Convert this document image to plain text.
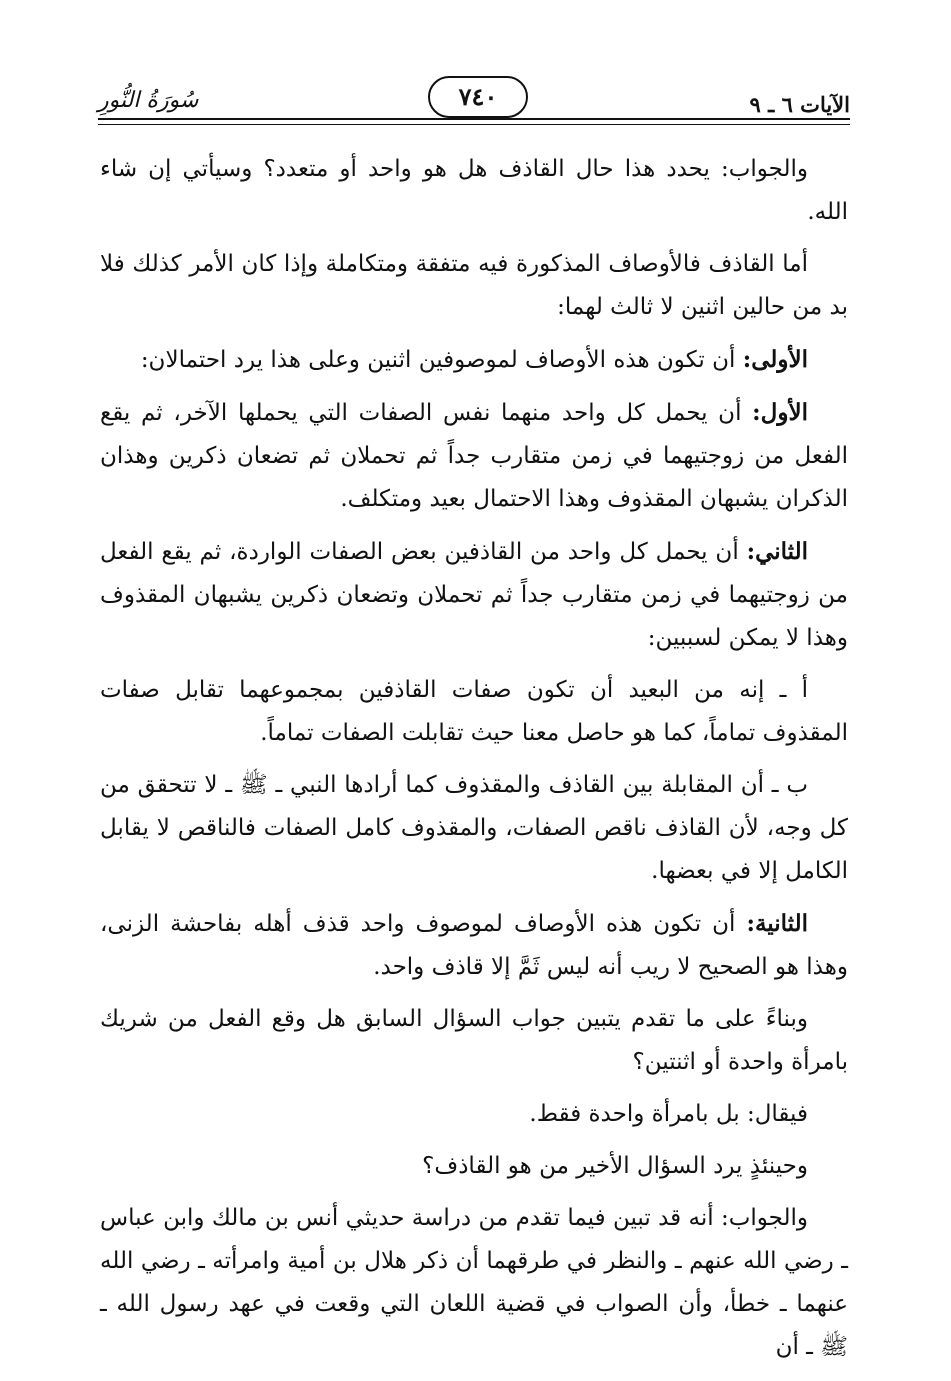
الآيات ٦ ـ ٩
٧٤٠
سُورَةُ النُّورِ

والجواب: يحدد هذا حال القاذف هل هو واحد أو متعدد؟ وسيأتي إن شاء الله.

أما القاذف فالأوصاف المذكورة فيه متفقة ومتكاملة وإذا كان الأمر كذلك فلا بد من حالين اثنين لا ثالث لهما:

الأولى: أن تكون هذه الأوصاف لموصوفين اثنين وعلى هذا يرد احتمالان:

الأول: أن يحمل كل واحد منهما نفس الصفات التي يحملها الآخر، ثم يقع الفعل من زوجتيهما في زمن متقارب جداً ثم تحملان ثم تضعان ذكرين وهذان الذكران يشبهان المقذوف وهذا الاحتمال بعيد ومتكلف.

الثاني: أن يحمل كل واحد من القاذفين بعض الصفات الواردة، ثم يقع الفعل من زوجتيهما في زمن متقارب جداً ثم تحملان وتضعان ذكرين يشبهان المقذوف وهذا لا يمكن لسببين:

أ ـ إنه من البعيد أن تكون صفات القاذفين بمجموعهما تقابل صفات المقذوف تماماً، كما هو حاصل معنا حيث تقابلت الصفات تماماً.

ب ـ أن المقابلة بين القاذف والمقذوف كما أرادها النبي ـ ﷺ ـ لا تتحقق من كل وجه، لأن القاذف ناقص الصفات، والمقذوف كامل الصفات فالناقص لا يقابل الكامل إلا في بعضها.

الثانية: أن تكون هذه الأوصاف لموصوف واحد قذف أهله بفاحشة الزنى، وهذا هو الصحيح لا ريب أنه ليس ثَمَّ إلا قاذف واحد.

وبناءً على ما تقدم يتبين جواب السؤال السابق هل وقع الفعل من شريك بامرأة واحدة أو اثنتين؟

فيقال: بل بامرأة واحدة فقط.

وحينئذٍ يرد السؤال الأخير من هو القاذف؟

والجواب: أنه قد تبين فيما تقدم من دراسة حديثي أنس بن مالك وابن عباس ـ رضي الله عنهم ـ والنظر في طرقهما أن ذكر هلال بن أمية وامرأته ـ رضي الله عنهما ـ خطأ، وأن الصواب في قضية اللعان التي وقعت في عهد رسول الله ـ ﷺ ـ أن
